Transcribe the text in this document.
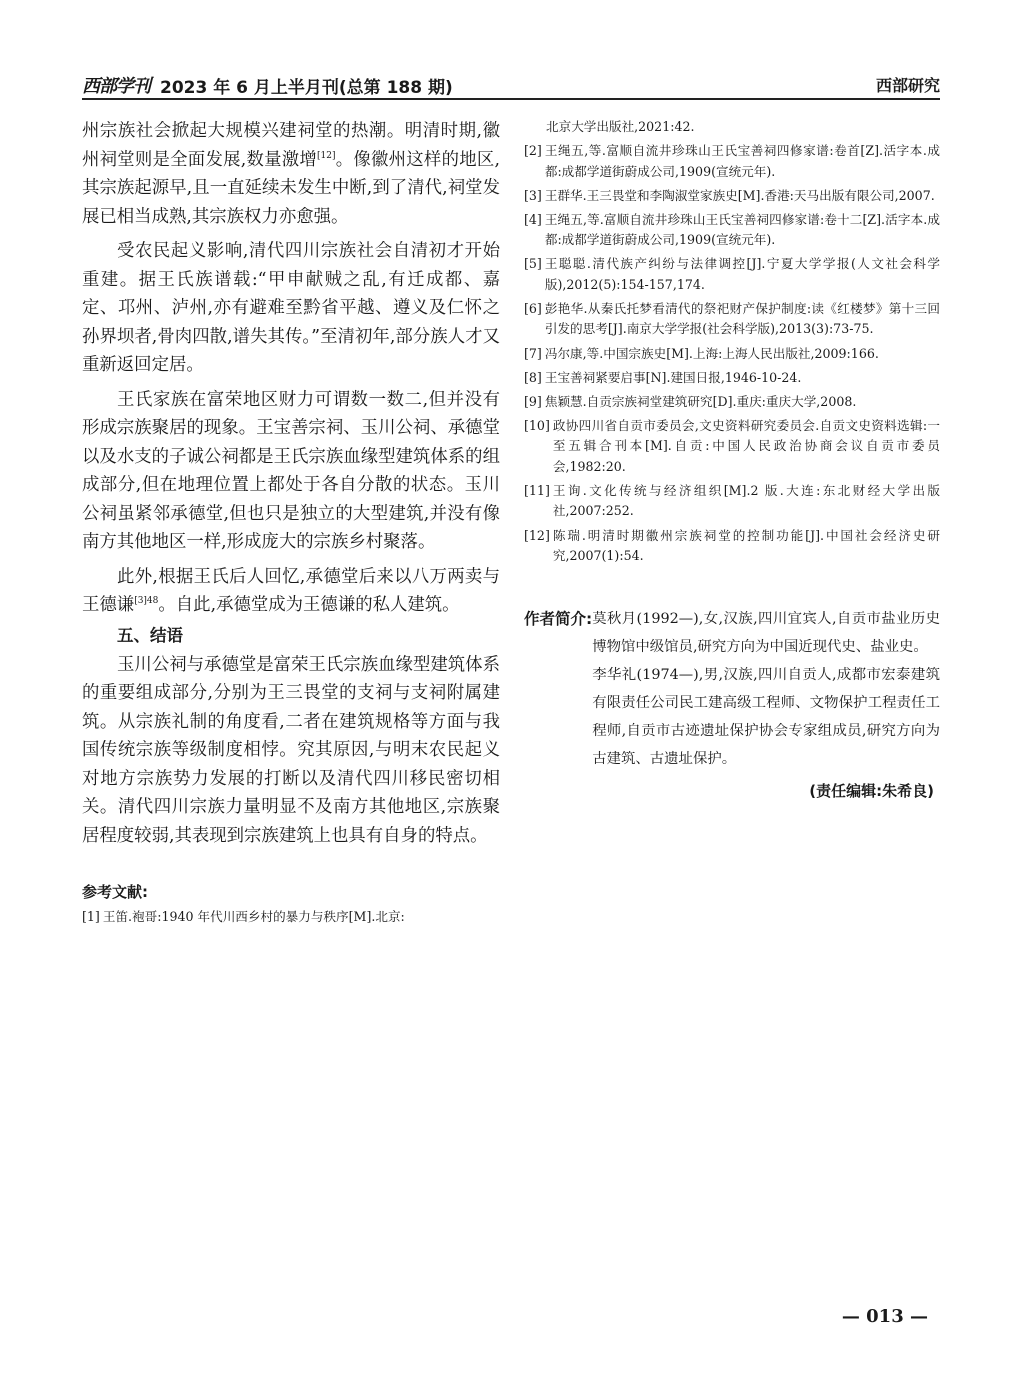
西部学刊 2023 年 6 月上半月刊(总第 188 期)	西部研究

州宗族社会掀起大规模兴建祠堂的热潮。明清时期,徽州祠堂则是全面发展,数量激增[12]。像徽州这样的地区,其宗族起源早,且一直延续未发生中断,到了清代,祠堂发展已相当成熟,其宗族权力亦愈强。

受农民起义影响,清代四川宗族社会自清初才开始重建。据王氏族谱载:“甲申献贼之乱,有迁成都、嘉定、邛州、泸州,亦有避难至黔省平越、遵义及仁怀之孙界坝者,骨肉四散,谱失其传。”至清初年,部分族人才又重新返回定居。

王氏家族在富荣地区财力可谓数一数二,但并没有形成宗族聚居的现象。王宝善宗祠、玉川公祠、承德堂以及水支的子诚公祠都是王氏宗族血缘型建筑体系的组成部分,但在地理位置上都处于各自分散的状态。玉川公祠虽紧邻承德堂,但也只是独立的大型建筑,并没有像南方其他地区一样,形成庞大的宗族乡村聚落。

此外,根据王氏后人回忆,承德堂后来以八万两卖与王德谦$^{[3]48}$。自此,承德堂成为王德谦的私人建筑。

五、结语

玉川公祠与承德堂是富荣王氏宗族血缘型建筑体系的重要组成部分,分别为王三畏堂的支祠与支祠附属建筑。从宗族礼制的角度看,二者在建筑规格等方面与我国传统宗族等级制度相悖。究其原因,与明末农民起义对地方宗族势力发展的打断以及清代四川移民密切相关。清代四川宗族力量明显不及南方其他地区,宗族聚居程度较弱,其表现到宗族建筑上也具有自身的特点。

参考文献:
[1] 王笛.袍哥:1940 年代川西乡村的暴力与秩序[M].北京:
北京大学出版社,2021:42.
[2] 王绳五,等.富顺自流井珍珠山王氏宝善祠四修家谱:卷首[Z].活字本.成都:成都学道街蔚成公司,1909(宣统元年).
[3] 王群华.王三畏堂和李陶淑堂家族史[M].香港:天马出版有限公司,2007.
[4] 王绳五,等.富顺自流井珍珠山王氏宝善祠四修家谱:卷十二[Z].活字本.成都:成都学道街蔚成公司,1909(宣统元年).
[5] 王聪聪.清代族产纠纷与法律调控[J].宁夏大学学报(人文社会科学版),2012(5):154-157,174.
[6] 彭艳华.从秦氏托梦看清代的祭祀财产保护制度:读《红楼梦》第十三回引发的思考[J].南京大学学报(社会科学版),2013(3):73-75.
[7] 冯尔康,等.中国宗族史[M].上海:上海人民出版社,2009:166.
[8] 王宝善祠紧要启事[N].建国日报,1946-10-24.
[9] 焦颖慧.自贡宗族祠堂建筑研究[D].重庆:重庆大学,2008.
[10] 政协四川省自贡市委员会,文史资料研究委员会.自贡文史资料选辑:一至五辑合刊本[M].自贡:中国人民政治协商会议自贡市委员会,1982:20.
[11] 王询.文化传统与经济组织[M].2 版.大连:东北财经大学出版社,2007:252.
[12] 陈瑞.明清时期徽州宗族祠堂的控制功能[J].中国社会经济史研究,2007(1):54.
作者简介: 莫秋月(1992—),女,汉族,四川宜宾人,自贡市盐业历史博物馆中级馆员,研究方向为中国近现代史、盐业史。

李华礼(1974—),男,汉族,四川自贡人,成都市宏泰建筑有限责任公司民工建高级工程师、文物保护工程责任工程师,自贡市古迹遗址保护协会专家组成员,研究方向为古建筑、古遗址保护。

(责任编辑:朱希良)
— 013 —
